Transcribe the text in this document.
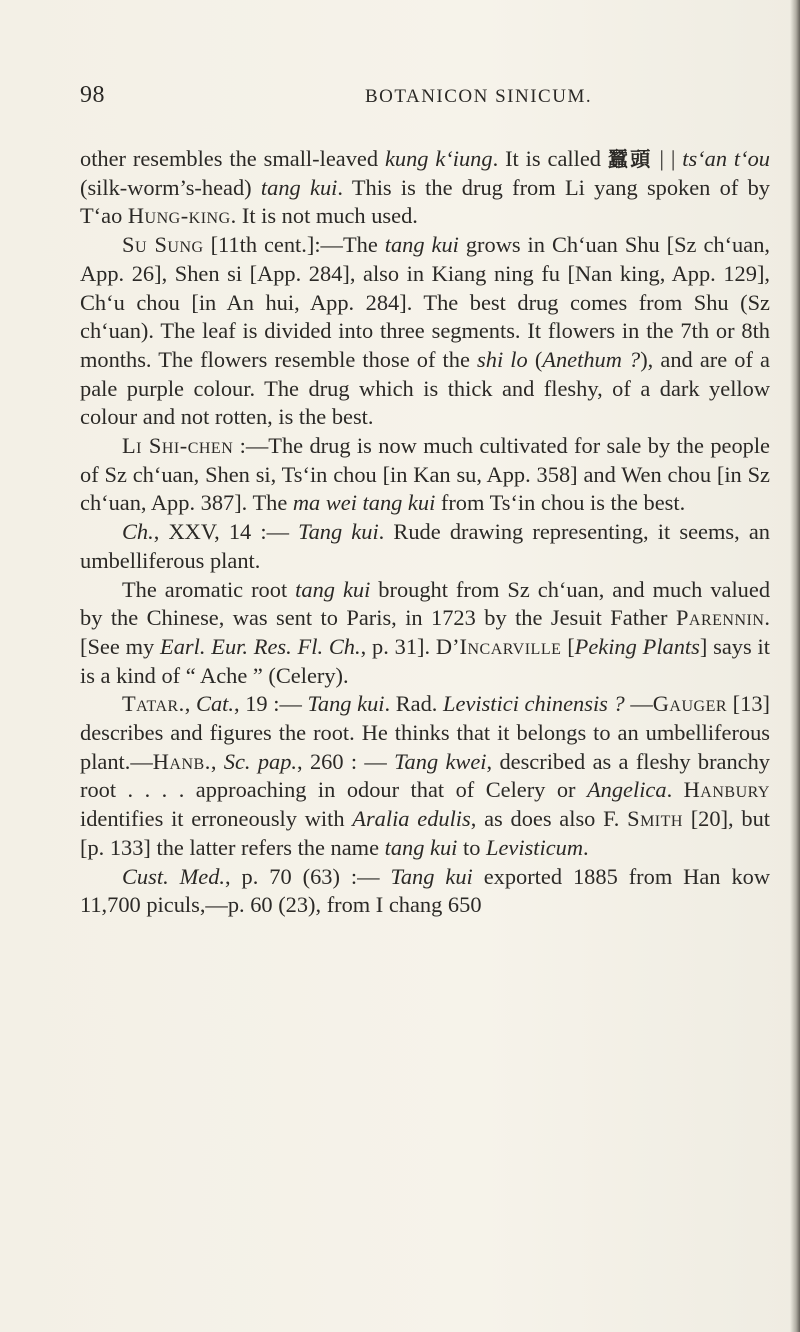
98	BOTANICON SINICUM.

other resembles the small-leaved kung k‘iung. It is called 蠶頭 | | ts‘an t‘ou (silk-worm’s-head) tang kui. This is the drug from Li yang spoken of by T‘ao Hung-king. It is not much used.

Su Sung [11th cent.]:—The tang kui grows in Ch‘uan Shu [Sz ch‘uan, App. 26], Shen si [App. 284], also in Kiang ning fu [Nan king, App. 129], Ch‘u chou [in An hui, App. 284]. The best drug comes from Shu (Sz ch‘uan). The leaf is divided into three segments. It flowers in the 7th or 8th months. The flowers resemble those of the shi lo (Anethum ?), and are of a pale purple colour. The drug which is thick and fleshy, of a dark yellow colour and not rotten, is the best.

Li Shi-chen :—The drug is now much cultivated for sale by the people of Sz ch‘uan, Shen si, Ts‘in chou [in Kan su, App. 358] and Wen chou [in Sz ch‘uan, App. 387]. The ma wei tang kui from Ts‘in chou is the best.

Ch., XXV, 14 :— Tang kui. Rude drawing representing, it seems, an umbelliferous plant.

The aromatic root tang kui brought from Sz ch‘uan, and much valued by the Chinese, was sent to Paris, in 1723 by the Jesuit Father Parennin. [See my Earl. Eur. Res. Fl. Ch., p. 31]. D’Incarville [Peking Plants] says it is a kind of “ Ache ” (Celery).

Tatar., Cat., 19 :— Tang kui. Rad. Levistici chinensis ? —Gauger [13] describes and figures the root. He thinks that it belongs to an umbelliferous plant.—Hanb., Sc. pap., 260 : — Tang kwei, described as a fleshy branchy root . . . . approaching in odour that of Celery or Angelica. Hanbury identifies it erroneously with Aralia edulis, as does also F. Smith [20], but [p. 133] the latter refers the name tang kui to Levisticum.

Cust. Med., p. 70 (63) :— Tang kui exported 1885 from Han kow 11,700 piculs,—p. 60 (23), from I chang 650
